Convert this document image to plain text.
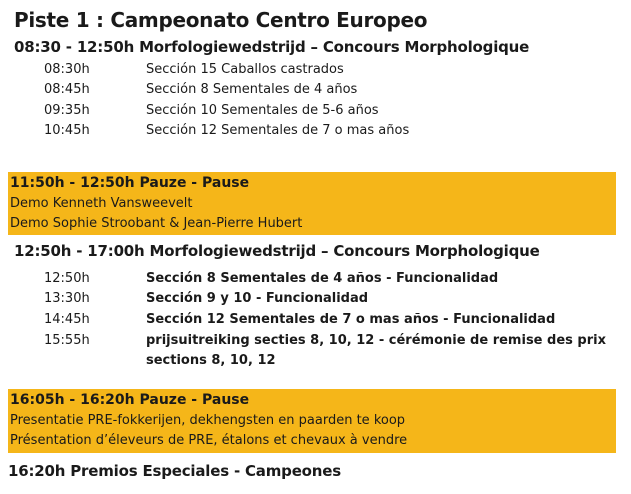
Piste 1 : Campeonato Centro Europeo
08:30 - 12:50h Morfologiewedstrijd – Concours Morphologique
08:30h	Sección 15 Caballos castrados
08:45h	Sección 8 Sementales de 4 años
09:35h	Sección 10 Sementales de 5-6 años
10:45h	Sección 12 Sementales de 7 o mas años
11:50h - 12:50h Pauze - Pause
Demo Kenneth Vansweevelt
Demo Sophie Stroobant & Jean-Pierre Hubert
12:50h - 17:00h Morfologiewedstrijd – Concours Morphologique
12:50h	Sección 8 Sementales de 4 años - Funcionalidad
13:30h	Sección 9 y 10 - Funcionalidad
14:45h	Sección 12 Sementales de 7 o mas años - Funcionalidad
15:55h	prijsuitreiking secties 8, 10, 12 - cérémonie de remise des prix
sections 8, 10, 12
16:05h - 16:20h Pauze - Pause
Presentatie PRE-fokkerijen, dekhengsten en paarden te koop
Présentation d’éleveurs de PRE, étalons et chevaux à vendre
16:20h Premios Especiales - Campeones
